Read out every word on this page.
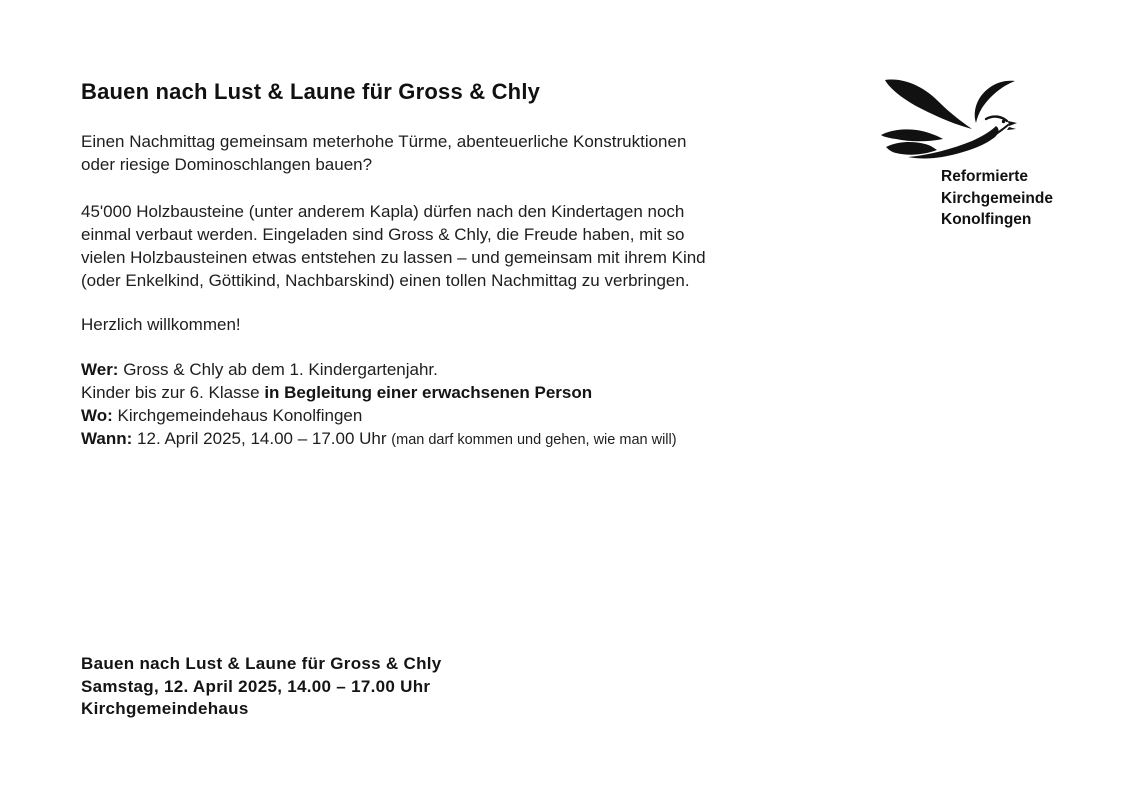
Bauen nach Lust & Laune für Gross & Chly
Einen Nachmittag gemeinsam meterhohe Türme, abenteuerliche Konstruktionen
oder riesige Dominoschlangen bauen?
45'000 Holzbausteine (unter anderem Kapla) dürfen nach den Kindertagen noch
einmal verbaut werden. Eingeladen sind Gross & Chly, die Freude haben, mit so
vielen Holzbausteinen etwas entstehen zu lassen – und gemeinsam mit ihrem Kind
(oder Enkelkind, Göttikind, Nachbarskind) einen tollen Nachmittag zu verbringen.
Herzlich willkommen!
Wer: Gross & Chly ab dem 1. Kindergartenjahr.
Kinder bis zur 6. Klasse in Begleitung einer erwachsenen Person
Wo: Kirchgemeindehaus Konolfingen
Wann: 12. April 2025, 14.00 – 17.00 Uhr (man darf kommen und gehen, wie man will)
Bauen nach Lust & Laune für Gross & Chly
Samstag, 12. April 2025, 14.00 – 17.00 Uhr
Kirchgemeindehaus
Reformierte
Kirchgemeinde
Konolfingen
